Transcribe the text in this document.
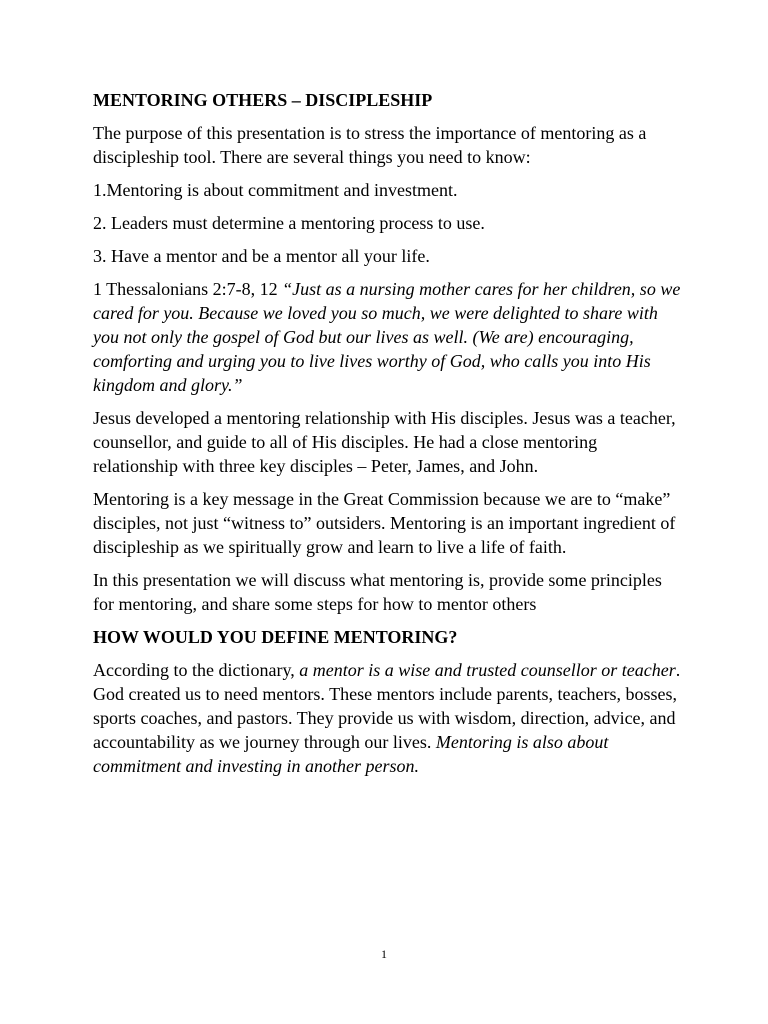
MENTORING OTHERS – DISCIPLESHIP
The purpose of this presentation is to stress the importance of mentoring as a discipleship tool. There are several things you need to know:
1.Mentoring is about commitment and investment.
2. Leaders must determine a mentoring process to use.
3. Have a mentor and be a mentor all your life.
1 Thessalonians 2:7-8, 12 “Just as a nursing mother cares for her children, so we cared for you. Because we loved you so much, we were delighted to share with you not only the gospel of God but our lives as well. (We are) encouraging, comforting and urging you to live lives worthy of God, who calls you into His kingdom and glory.”
Jesus developed a mentoring relationship with His disciples. Jesus was a teacher, counsellor, and guide to all of His disciples. He had a close mentoring relationship with three key disciples – Peter, James, and John.
Mentoring is a key message in the Great Commission because we are to “make” disciples, not just “witness to” outsiders. Mentoring is an important ingredient of discipleship as we spiritually grow and learn to live a life of faith.
In this presentation we will discuss what mentoring is, provide some principles for mentoring, and share some steps for how to mentor others
HOW WOULD YOU DEFINE MENTORING?
According to the dictionary, a mentor is a wise and trusted counsellor or teacher. God created us to need mentors. These mentors include parents, teachers, bosses, sports coaches, and pastors. They provide us with wisdom, direction, advice, and accountability as we journey through our lives. Mentoring is also about commitment and investing in another person.
1
